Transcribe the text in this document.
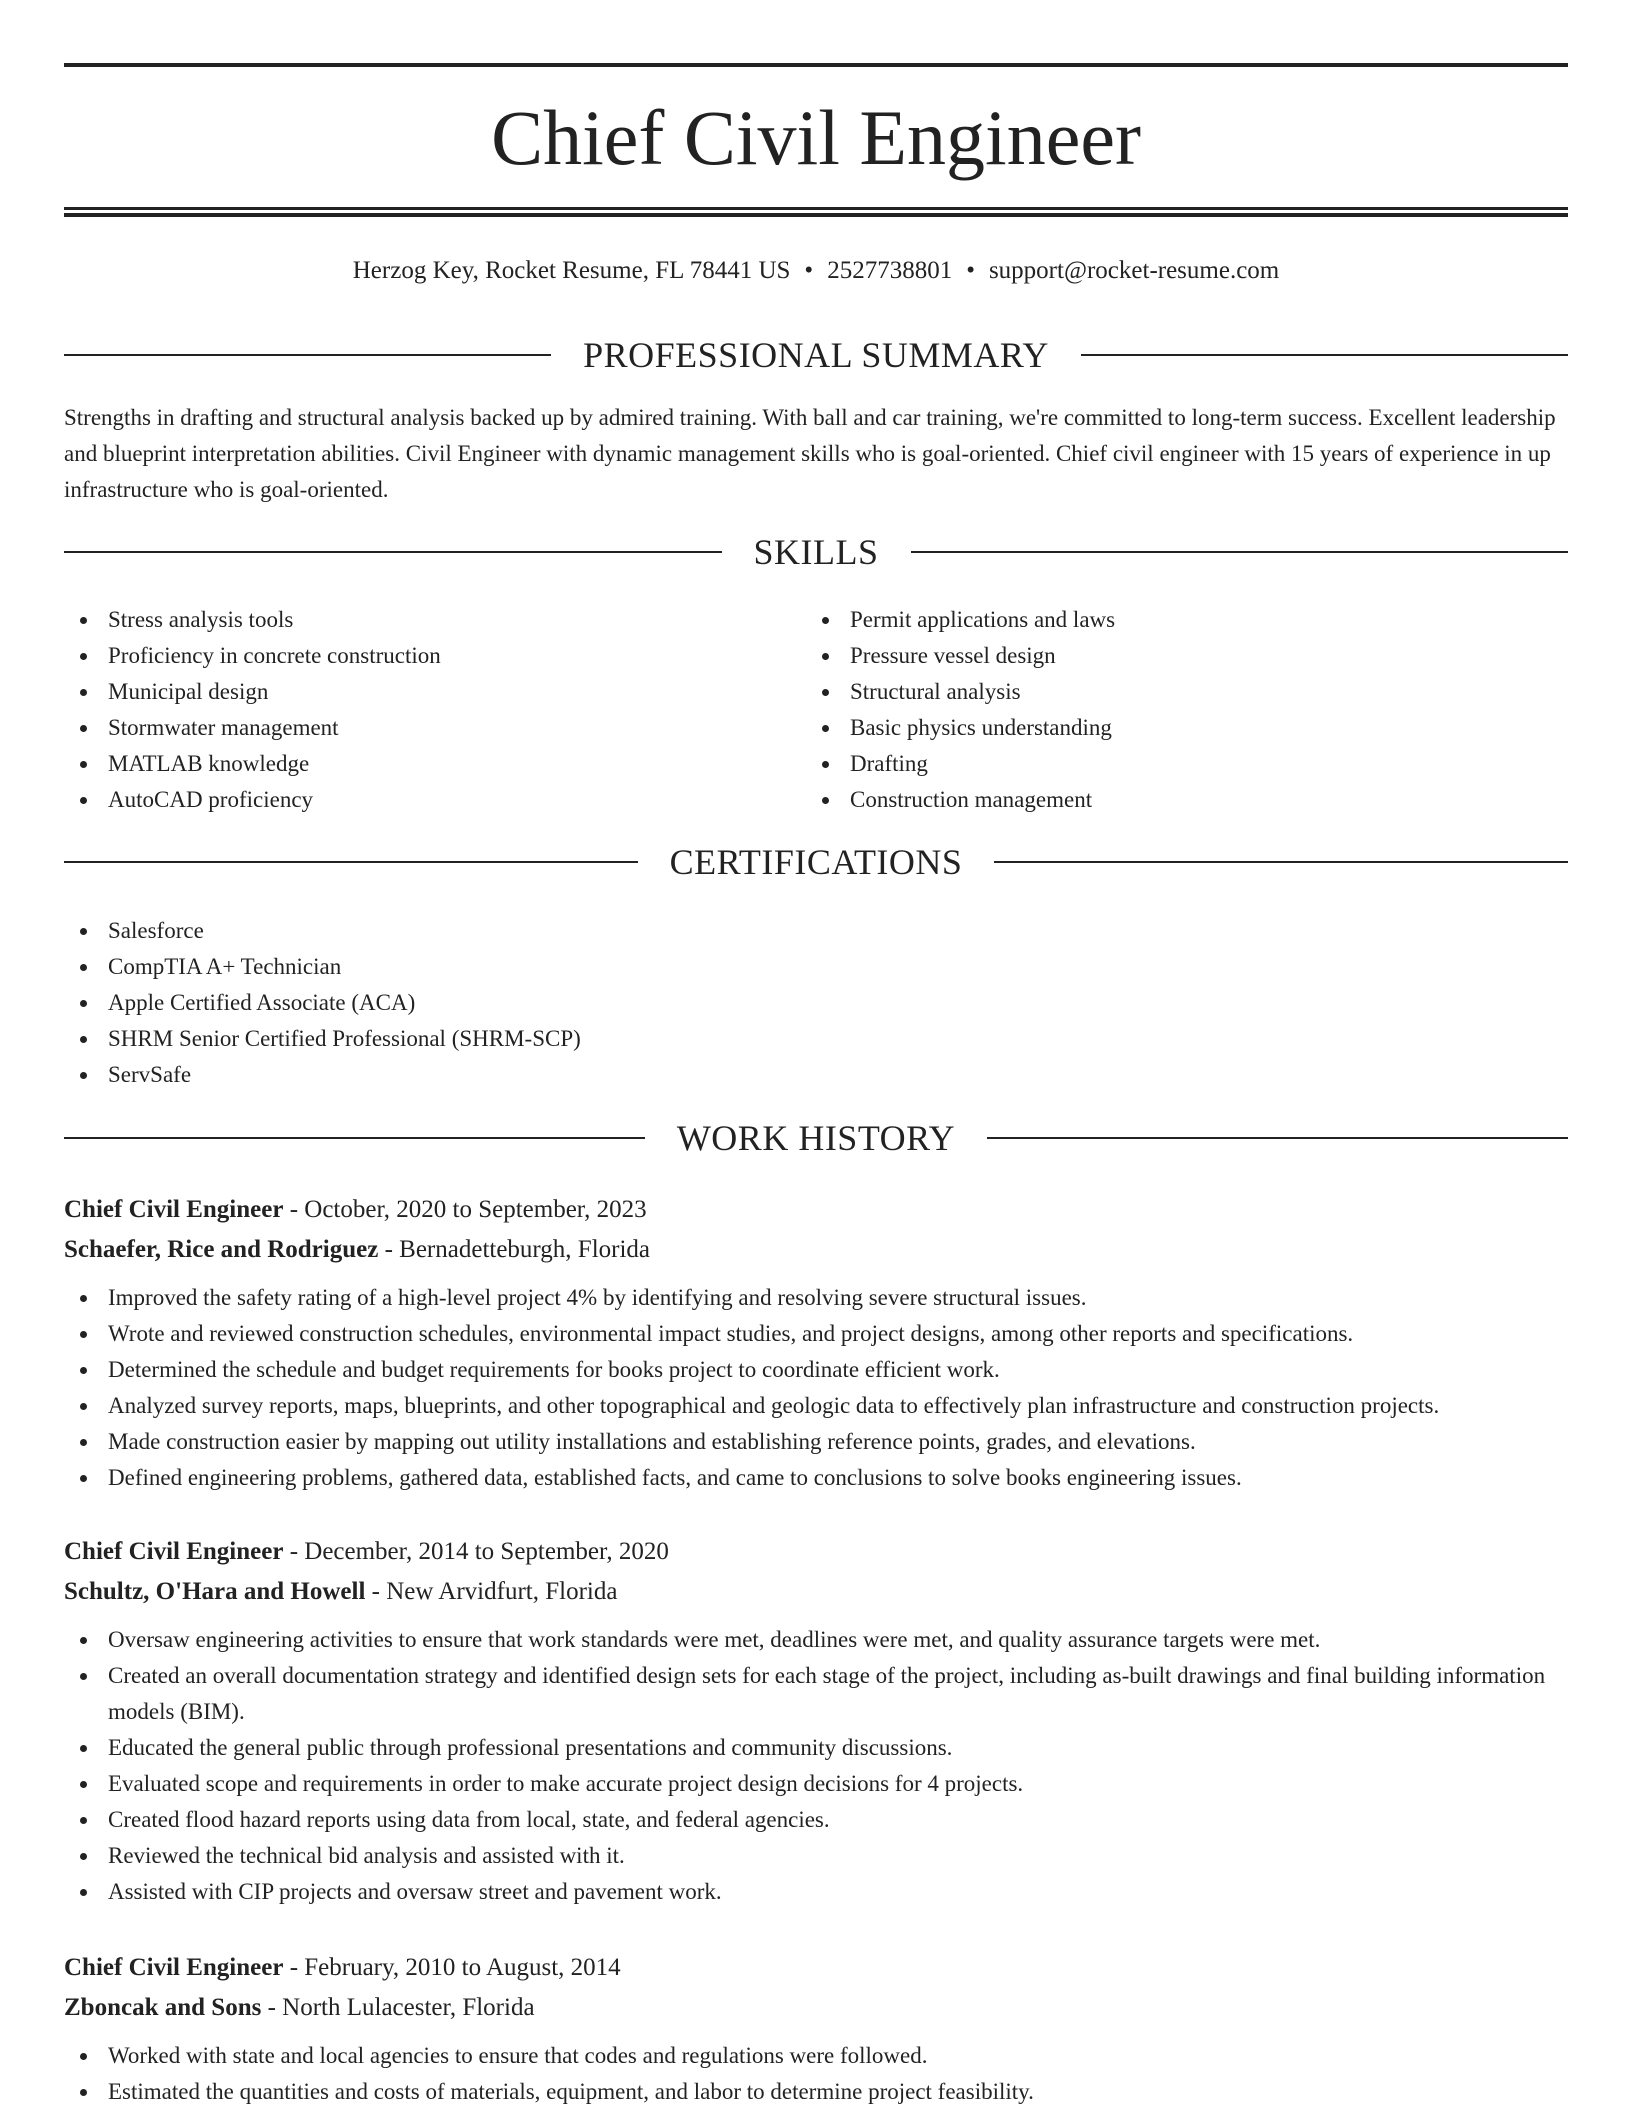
Chief Civil Engineer
Herzog Key, Rocket Resume, FL 78441 US • 2527738801 • support@rocket-resume.com
PROFESSIONAL SUMMARY

Strengths in drafting and structural analysis backed up by admired training. With ball and car training, we're committed to long-term success. Excellent leadership and blueprint interpretation abilities. Civil Engineer with dynamic management skills who is goal-oriented. Chief civil engineer with 15 years of experience in up infrastructure who is goal-oriented.

SKILLS
Stress analysis tools
Proficiency in concrete construction
Municipal design
Stormwater management
MATLAB knowledge
AutoCAD proficiency
Permit applications and laws
Pressure vessel design
Structural analysis
Basic physics understanding
Drafting
Construction management
CERTIFICATIONS
Salesforce
CompTIA A+ Technician
Apple Certified Associate (ACA)
SHRM Senior Certified Professional (SHRM-SCP)
ServSafe
WORK HISTORY
Chief Civil Engineer - October, 2020 to September, 2023
Schaefer, Rice and Rodriguez - Bernadetteburgh, Florida
Improved the safety rating of a high-level project 4% by identifying and resolving severe structural issues.
Wrote and reviewed construction schedules, environmental impact studies, and project designs, among other reports and specifications.
Determined the schedule and budget requirements for books project to coordinate efficient work.
Analyzed survey reports, maps, blueprints, and other topographical and geologic data to effectively plan infrastructure and construction projects.
Made construction easier by mapping out utility installations and establishing reference points, grades, and elevations.
Defined engineering problems, gathered data, established facts, and came to conclusions to solve books engineering issues.
Chief Civil Engineer - December, 2014 to September, 2020
Schultz, O'Hara and Howell - New Arvidfurt, Florida
Oversaw engineering activities to ensure that work standards were met, deadlines were met, and quality assurance targets were met.
Created an overall documentation strategy and identified design sets for each stage of the project, including as-built drawings and final building information models (BIM).
Educated the general public through professional presentations and community discussions.
Evaluated scope and requirements in order to make accurate project design decisions for 4 projects.
Created flood hazard reports using data from local, state, and federal agencies.
Reviewed the technical bid analysis and assisted with it.
Assisted with CIP projects and oversaw street and pavement work.
Chief Civil Engineer - February, 2010 to August, 2014
Zboncak and Sons - North Lulacester, Florida
Worked with state and local agencies to ensure that codes and regulations were followed.
Estimated the quantities and costs of materials, equipment, and labor to determine project feasibility.
